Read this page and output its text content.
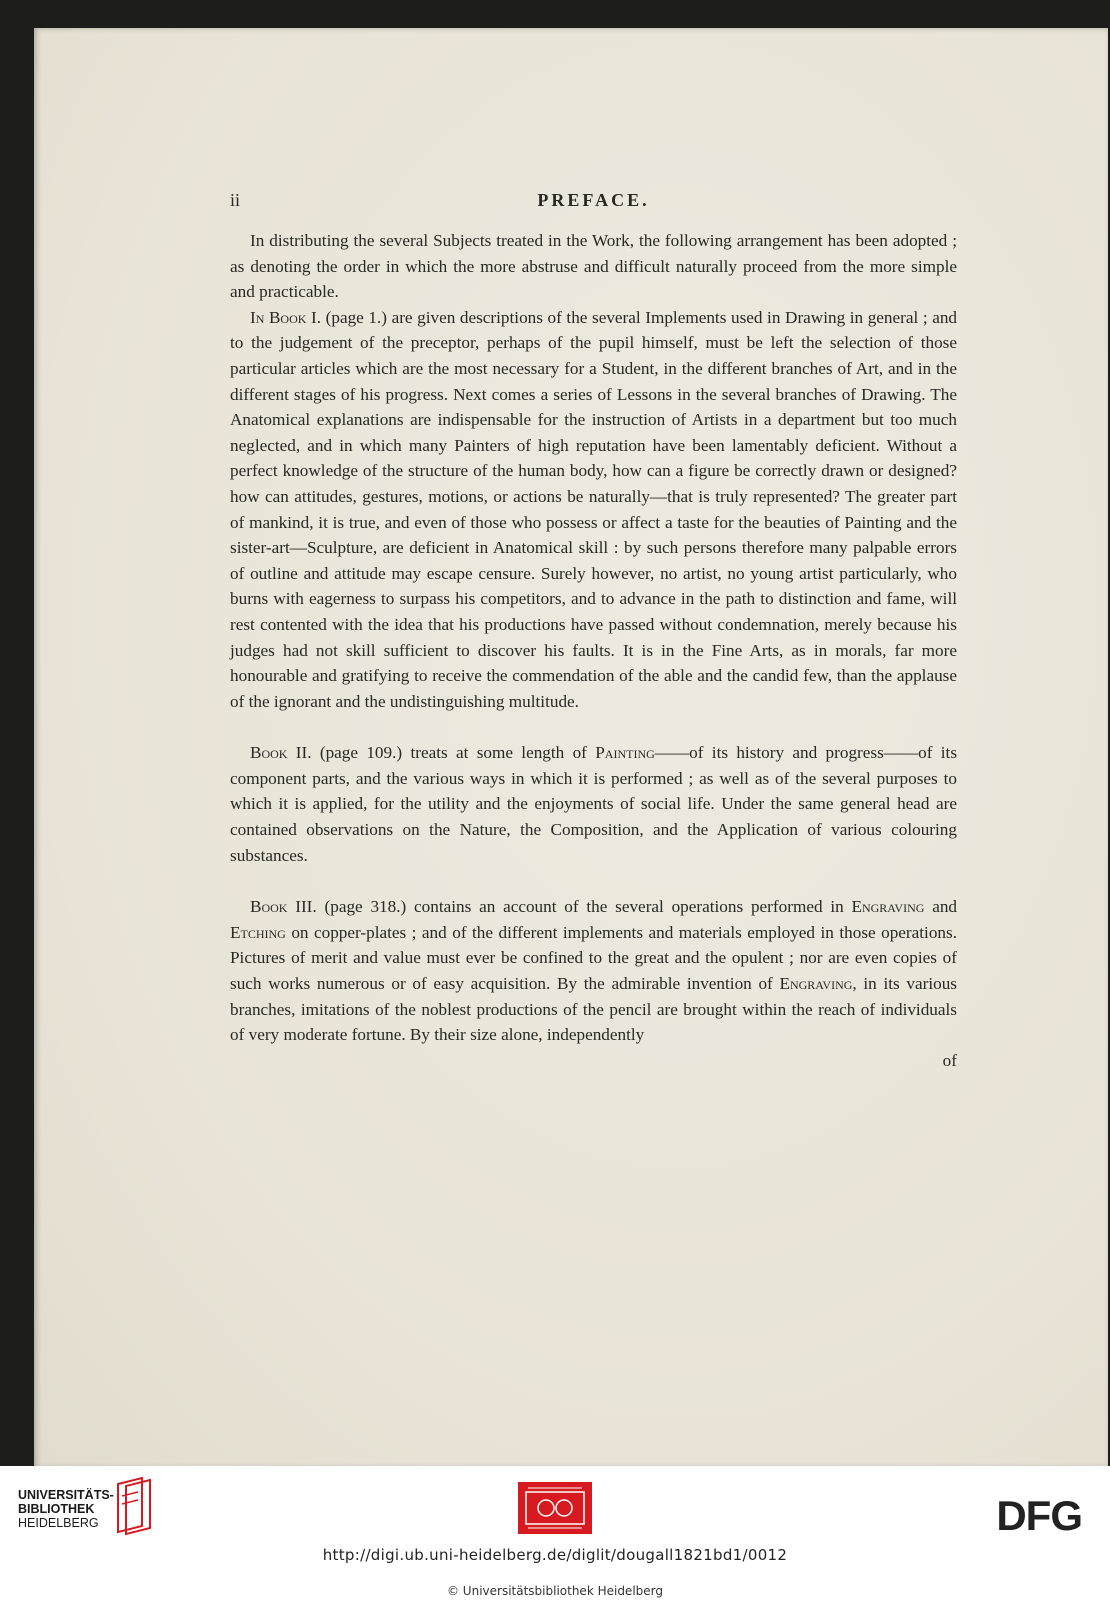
ii	PREFACE.

In distributing the several Subjects treated in the Work, the following arrangement has been adopted ; as denoting the order in which the more abstruse and difficult naturally proceed from the more simple and practicable.

In Book I. (page 1.) are given descriptions of the several Implements used in Drawing in general ; and to the judgement of the preceptor, perhaps of the pupil himself, must be left the selection of those particular articles which are the most necessary for a Student, in the different branches of Art, and in the different stages of his progress. Next comes a series of Lessons in the several branches of Drawing. The Anatomical explanations are indispensable for the instruction of Artists in a department but too much neglected, and in which many Painters of high reputation have been lamentably deficient. Without a perfect knowledge of the structure of the human body, how can a figure be correctly drawn or designed? how can attitudes, gestures, motions, or actions be naturally—that is truly represented? The greater part of mankind, it is true, and even of those who possess or affect a taste for the beauties of Painting and the sister-art—Sculpture, are deficient in Anatomical skill : by such persons therefore many palpable errors of outline and attitude may escape censure. Surely however, no artist, no young artist particularly, who burns with eagerness to surpass his competitors, and to advance in the path to distinction and fame, will rest contented with the idea that his productions have passed without condemnation, merely because his judges had not skill sufficient to discover his faults. It is in the Fine Arts, as in morals, far more honourable and gratifying to receive the commendation of the able and the candid few, than the applause of the ignorant and the undistinguishing multitude.

Book II. (page 109.) treats at some length of Painting——of its history and progress——of its component parts, and the various ways in which it is performed ; as well as of the several purposes to which it is applied, for the utility and the enjoyments of social life. Under the same general head are contained observations on the Nature, the Composition, and the Application of various colouring substances.

Book III. (page 318.) contains an account of the several operations performed in Engraving and Etching on copper-plates ; and of the different implements and materials employed in those operations. Pictures of merit and value must ever be confined to the great and the opulent ; nor are even copies of such works numerous or of easy acquisition. By the admirable invention of Engraving, in its various branches, imitations of the noblest productions of the pencil are brought within the reach of individuals of very moderate fortune. By their size alone, independently

of

UNIVERSITÄTS-
BIBLIOTHEK
HEIDELBERG	DFG
http://digi.ub.uni-heidelberg.de/diglit/dougall1821bd1/0012
© Universitätsbibliothek Heidelberg
